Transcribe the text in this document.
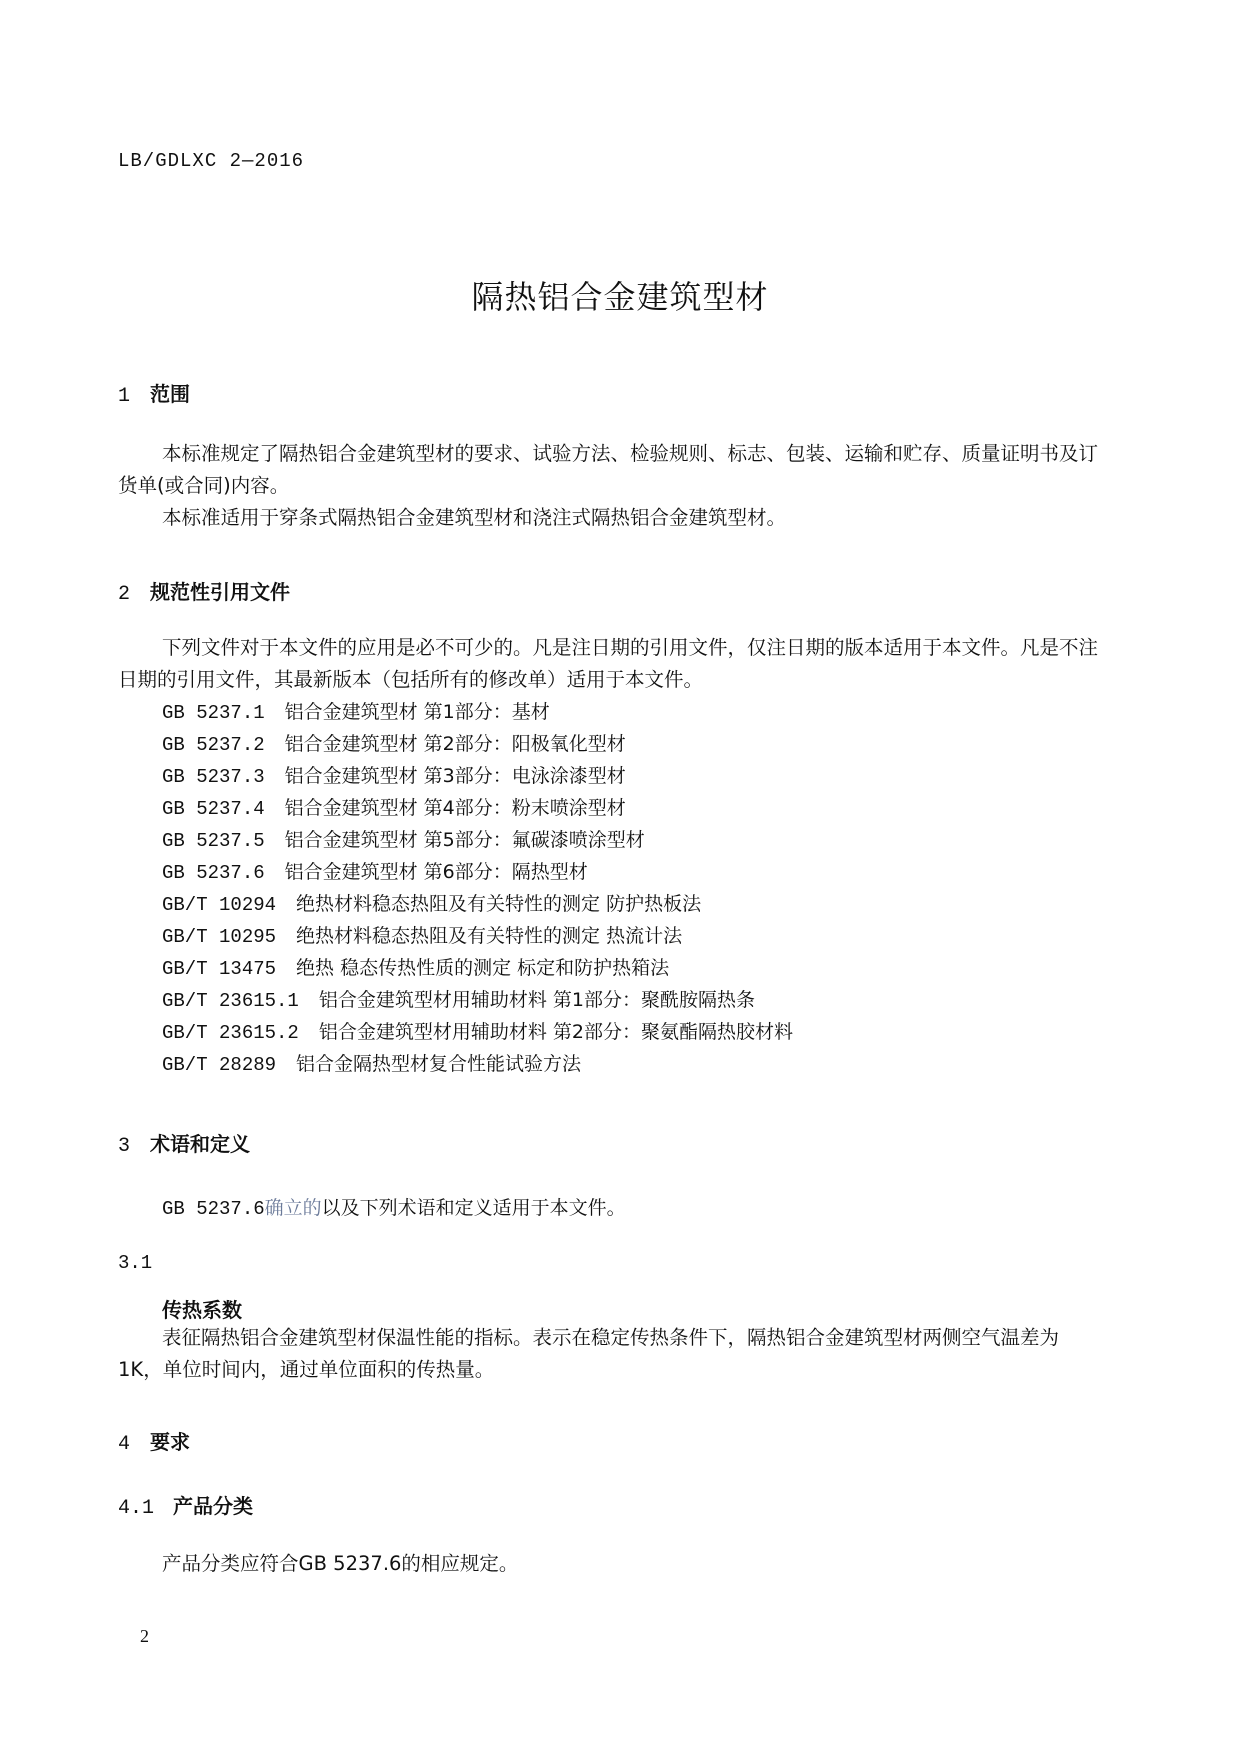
LB/GDLXC 2—2016
隔热铝合金建筑型材
1 范围
本标准规定了隔热铝合金建筑型材的要求、试验方法、检验规则、标志、包装、运输和贮存、质量证明书及订货单(或合同)内容。
本标准适用于穿条式隔热铝合金建筑型材和浇注式隔热铝合金建筑型材。
2 规范性引用文件
下列文件对于本文件的应用是必不可少的。凡是注日期的引用文件，仅注日期的版本适用于本文件。凡是不注日期的引用文件，其最新版本（包括所有的修改单）适用于本文件。
GB 5237.1 铝合金建筑型材 第1部分：基材
GB 5237.2 铝合金建筑型材 第2部分：阳极氧化型材
GB 5237.3 铝合金建筑型材 第3部分：电泳涂漆型材
GB 5237.4 铝合金建筑型材 第4部分：粉末喷涂型材
GB 5237.5 铝合金建筑型材 第5部分：氟碳漆喷涂型材
GB 5237.6 铝合金建筑型材 第6部分：隔热型材
GB/T 10294 绝热材料稳态热阻及有关特性的测定 防护热板法
GB/T 10295 绝热材料稳态热阻及有关特性的测定 热流计法
GB/T 13475 绝热 稳态传热性质的测定 标定和防护热箱法
GB/T 23615.1 铝合金建筑型材用辅助材料 第1部分：聚酰胺隔热条
GB/T 23615.2 铝合金建筑型材用辅助材料 第2部分：聚氨酯隔热胶材料
GB/T 28289 铝合金隔热型材复合性能试验方法
3 术语和定义
GB 5237.6确立的以及下列术语和定义适用于本文件。
3.1
传热系数
表征隔热铝合金建筑型材保温性能的指标。表示在稳定传热条件下，隔热铝合金建筑型材两侧空气温差为1K，单位时间内，通过单位面积的传热量。
4 要求
4.1 产品分类
产品分类应符合GB 5237.6的相应规定。
2
